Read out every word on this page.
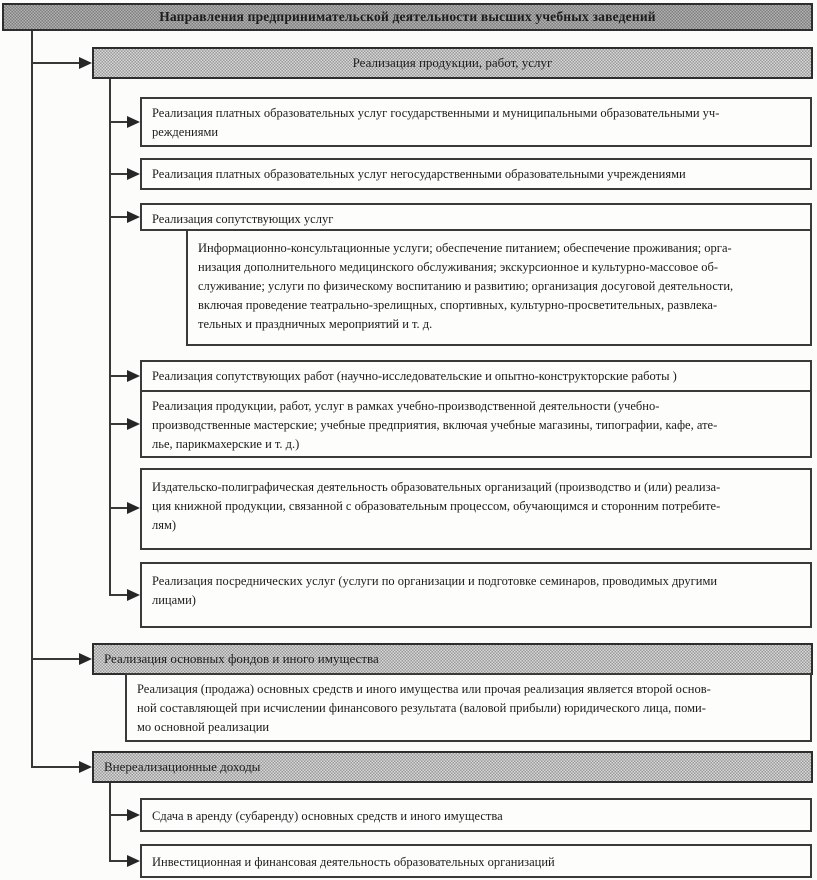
Направления предпринимательской деятельности высших учебных заведений
Реализация продукции, работ, услуг
Реализация платных образовательных услуг государственными и муниципальными образовательными уч-
реждениями
Реализация платных образовательных услуг негосударственными образовательными учреждениями
Реализация сопутствующих услуг
Информационно-консультационные услуги; обеспечение питанием; обеспечение проживания; орга-
низация дополнительного медицинского обслуживания; экскурсионное и культурно-массовое об-
служивание; услуги по физическому воспитанию и развитию; организация досуговой деятельности,
включая проведение театрально-зрелищных, спортивных, культурно-просветительных, развлека-
тельных и праздничных мероприятий и т. д.
Реализация сопутствующих работ (научно-исследовательские и опытно-конструкторские работы )
Реализация продукции, работ, услуг в рамках учебно-производственной деятельности (учебно-
производственные мастерские; учебные предприятия, включая учебные магазины, типографии, кафе, ате-
лье, парикмахерские и т. д.)
Издательско-полиграфическая деятельность образовательных организаций (производство и (или) реализа-
ция книжной продукции, связанной с образовательным процессом, обучающимся и сторонним потребите-
лям)
Реализация посреднических услуг (услуги по организации и подготовке семинаров, проводимых другими
лицами)
Реализация основных фондов и иного имущества
Реализация (продажа) основных средств и иного имущества или прочая реализация является второй основ-
ной составляющей при исчислении финансового результата (валовой прибыли) юридического лица, поми-
мо основной реализации
Внереализационные доходы
Сдача в аренду (субаренду) основных средств и иного имущества
Инвестиционная и финансовая деятельность образовательных организаций
